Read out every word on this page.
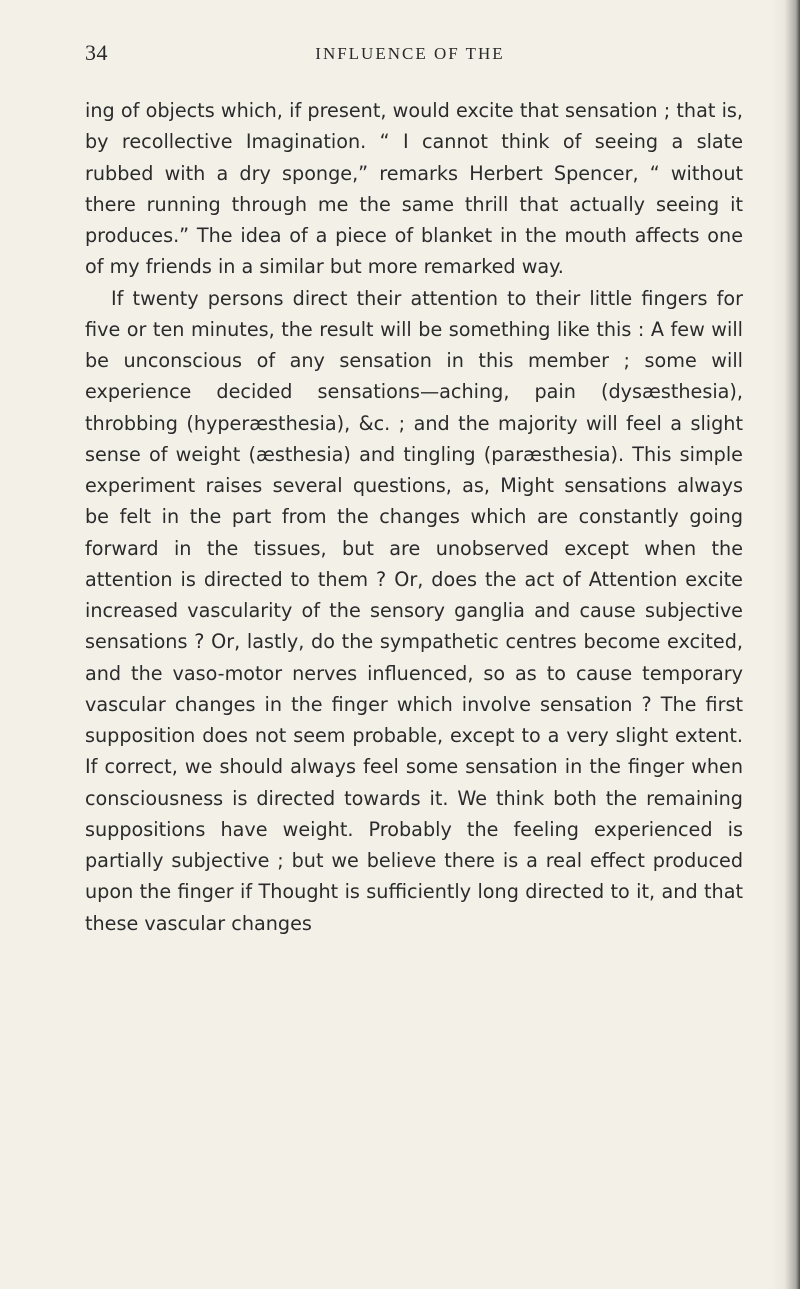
34	INFLUENCE OF THE

ing of objects which, if present, would excite that sensation ; that is, by recollective Imagination. “ I cannot think of seeing a slate rubbed with a dry sponge,” remarks Herbert Spencer, “ without there running through me the same thrill that actually seeing it produces.” The idea of a piece of blanket in the mouth affects one of my friends in a similar but more remarked way.

If twenty persons direct their attention to their little fingers for five or ten minutes, the result will be something like this : A few will be unconscious of any sensation in this member ; some will experience decided sensations—aching, pain (dysæsthesia), throbbing (hyperæsthesia), &c. ; and the majority will feel a slight sense of weight (æsthesia) and tingling (paræsthesia). This simple experiment raises several questions, as, Might sensations always be felt in the part from the changes which are constantly going forward in the tissues, but are unobserved except when the attention is directed to them ? Or, does the act of Attention excite increased vascularity of the sensory ganglia and cause subjective sensations ? Or, lastly, do the sympathetic centres become excited, and the vaso-motor nerves influenced, so as to cause temporary vascular changes in the finger which involve sensation ? The first supposition does not seem probable, except to a very slight extent. If correct, we should always feel some sensation in the finger when consciousness is directed towards it. We think both the remaining suppositions have weight. Probably the feeling experienced is partially subjective ; but we believe there is a real effect produced upon the finger if Thought is sufficiently long directed to it, and that these vascular changes
